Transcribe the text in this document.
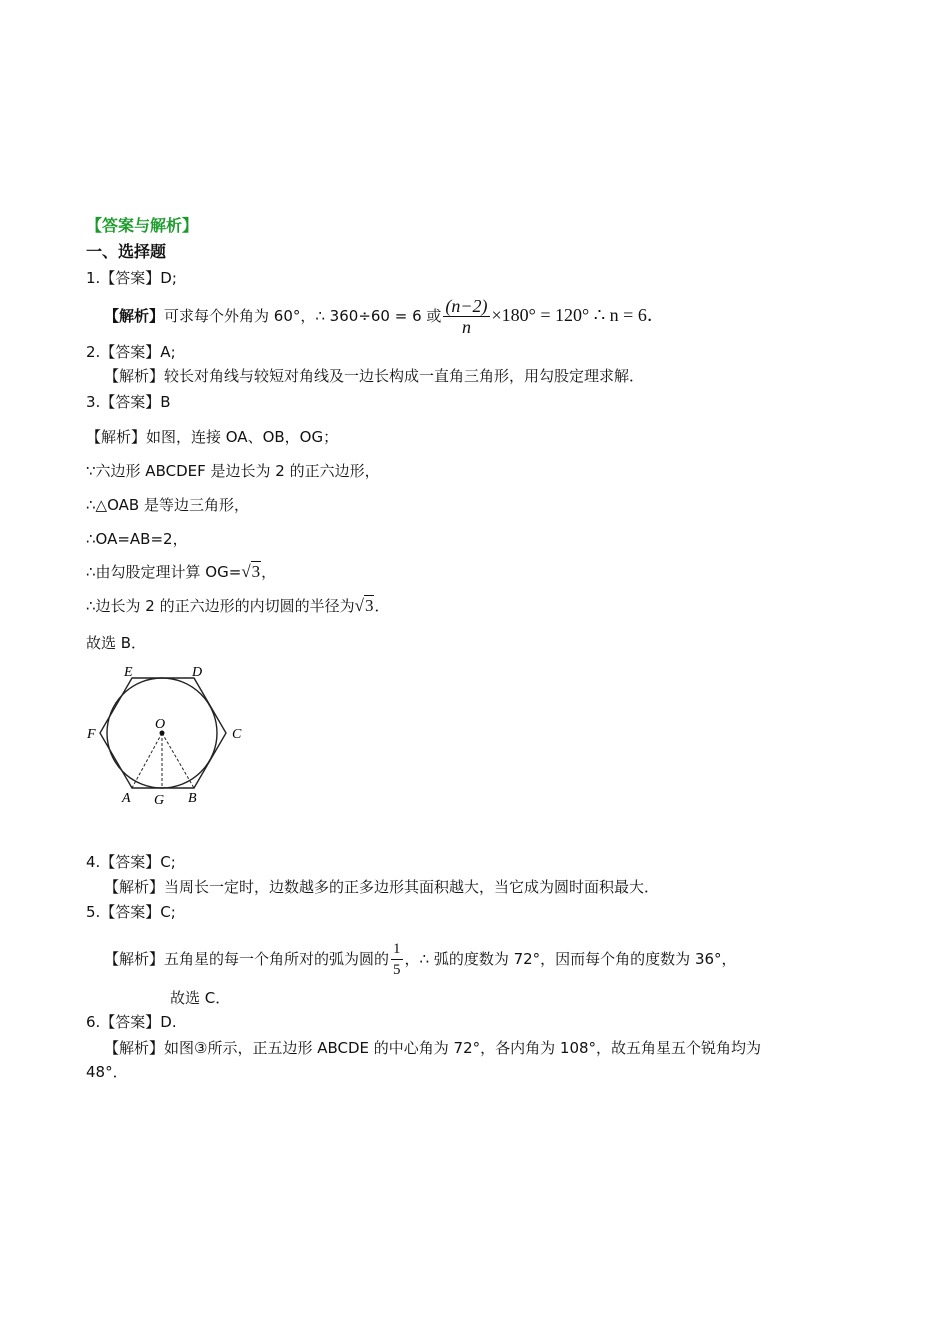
【答案与解析】
一、选择题
1.【答案】D;
【解析】可求每个外角为 60°，∴ 360÷60 = 6 或 $\frac{(n-2)}{n} \times 180^\circ = 120^\circ$ ∴ n = 6．
2.【答案】A;
【解析】较长对角线与较短对角线及一边长构成一直角三角形，用勾股定理求解．
3.【答案】B
【解析】如图，连接 OA、OB，OG；
∵六边形 ABCDEF 是边长为 2 的正六边形，
∴△OAB 是等边三角形，
∴OA=AB=2，
∴由勾股定理计算 OG=√3，
∴边长为 2 的正六边形的内切圆的半径为√3．
故选 B．
E	D
F	C
O
A G B
4.【答案】C;
【解析】当周长一定时，边数越多的正多边形其面积越大，当它成为圆时面积最大．
5.【答案】C;
【解析】五角星的每一个角所对的弧为圆的 $\frac{1}{5}$ ，∴ 弧的度数为 72°，因而每个角的度数为 36°，
故选 C．
6.【答案】D.
【解析】如图③所示，正五边形 ABCDE 的中心角为 72°，各内角为 108°，故五角星五个锐角均为
48°．
